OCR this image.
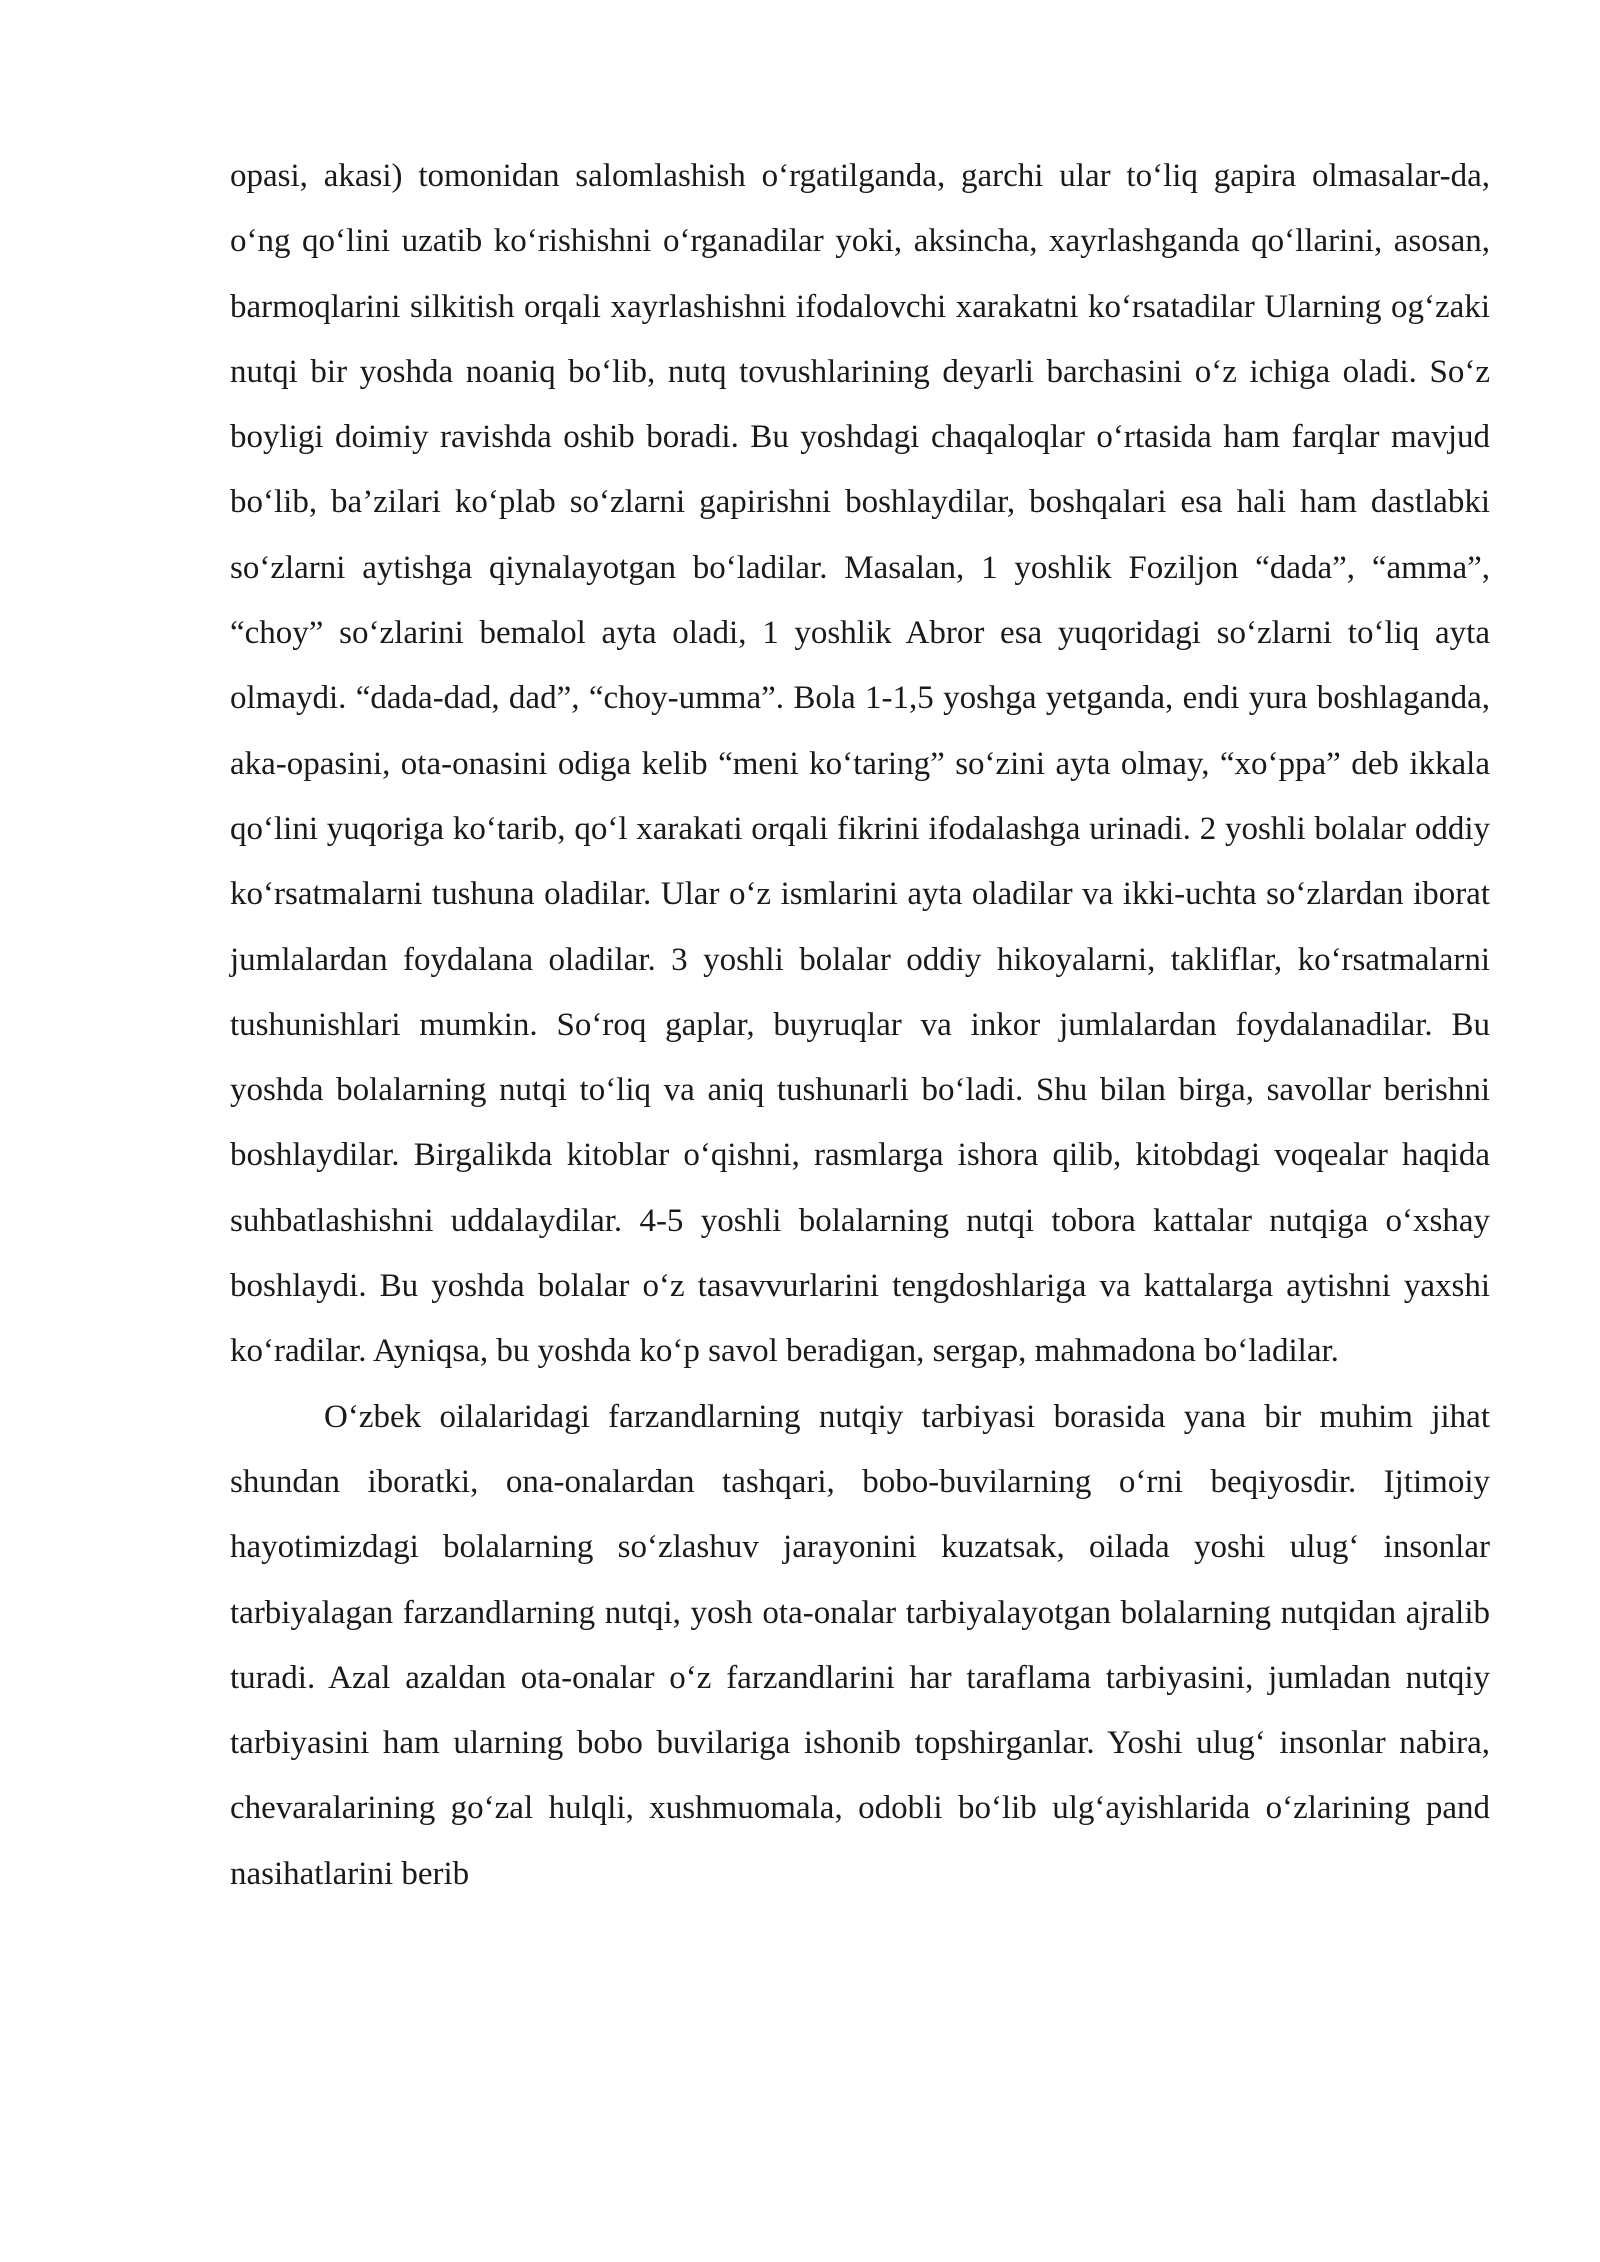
opasi, akasi) tomonidan salomlashish o‘rgatilganda, garchi ular to‘liq gapira olmasalar-da, o‘ng qo‘lini uzatib ko‘rishishni o‘rganadilar yoki, aksincha, xayrlashganda qo‘llarini, asosan, barmoqlarini silkitish orqali xayrlashishni ifodalovchi xarakatni ko‘rsatadilar Ularning og‘zaki nutqi bir yoshda noaniq bo‘lib, nutq tovushlarining deyarli barchasini o‘z ichiga oladi. So‘z boyligi doimiy ravishda oshib boradi. Bu yoshdagi chaqaloqlar o‘rtasida ham farqlar mavjud bo‘lib, ba’zilari ko‘plab so‘zlarni gapirishni boshlaydilar, boshqalari esa hali ham dastlabki so‘zlarni aytishga qiynalayotgan bo‘ladilar. Masalan, 1 yoshlik Foziljon “dada”, “amma”, “choy” so‘zlarini bemalol ayta oladi, 1 yoshlik Abror esa yuqoridagi so‘zlarni to‘liq ayta olmaydi. “dada-dad, dad”, “choy-umma”. Bola 1-1,5 yoshga yetganda, endi yura boshlaganda, aka-opasini, ota-onasini odiga kelib “meni ko‘taring” so‘zini ayta olmay, “xo‘ppa” deb ikkala qo‘lini yuqoriga ko‘tarib, qo‘l xarakati orqali fikrini ifodalashga urinadi. 2 yoshli bolalar oddiy ko‘rsatmalarni tushuna oladilar. Ular o‘z ismlarini ayta oladilar va ikki-uchta so‘zlardan iborat jumlalardan foydalana oladilar. 3 yoshli bolalar oddiy hikoyalarni, takliflar, ko‘rsatmalarni tushunishlari mumkin. So‘roq gaplar, buyruqlar va inkor jumlalardan foydalanadilar. Bu yoshda bolalarning nutqi to‘liq va aniq tushunarli bo‘ladi. Shu bilan birga, savollar berishni boshlaydilar. Birgalikda kitoblar o‘qishni, rasmlarga ishora qilib, kitobdagi voqealar haqida suhbatlashishni uddalaydilar. 4-5 yoshli bolalarning nutqi tobora kattalar nutqiga o‘xshay boshlaydi. Bu yoshda bolalar o‘z tasavvurlarini tengdoshlariga va kattalarga aytishni yaxshi ko‘radilar. Ayniqsa, bu yoshda ko‘p savol beradigan, sergap, mahmadona bo‘ladilar.

O‘zbek oilalaridagi farzandlarning nutqiy tarbiyasi borasida yana bir muhim jihat shundan iboratki, ona-onalardan tashqari, bobo-buvilarning o‘rni beqiyosdir. Ijtimoiy hayotimizdagi bolalarning so‘zlashuv jarayonini kuzatsak, oilada yoshi ulug‘ insonlar tarbiyalagan farzandlarning nutqi, yosh ota-onalar tarbiyalayotgan bolalarning nutqidan ajralib turadi. Azal azaldan ota-onalar o‘z farzandlarini har taraflama tarbiyasini, jumladan nutqiy tarbiyasini ham ularning bobo buvilariga ishonib topshirganlar. Yoshi ulug‘ insonlar nabira, chevaralarining go‘zal hulqli, xushmuomala, odobli bo‘lib ulg‘ayishlarida o‘zlarining pand nasihatlarini berib
